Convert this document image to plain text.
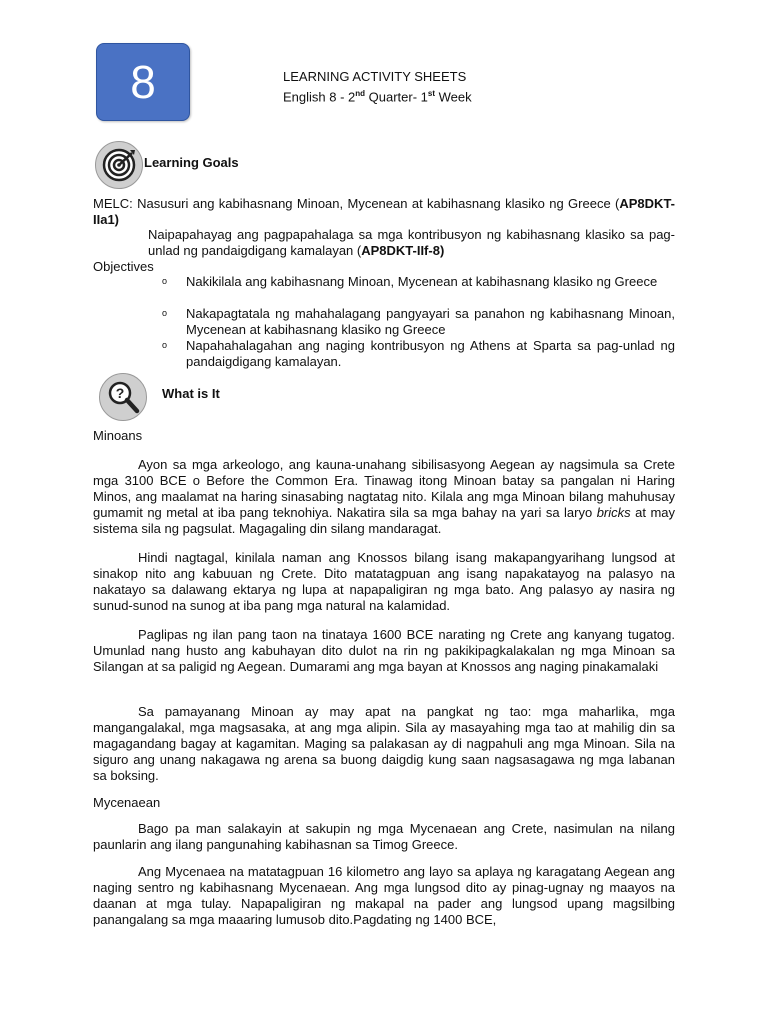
8	LEARNING ACTIVITY SHEETS
English 8 - 2nd Quarter- 1st Week
Learning Goals
MELC: Nasusuri ang kabihasnang Minoan, Mycenean at kabihasnang klasiko ng Greece (AP8DKT-IIa1)
Naipapahayag ang pagpapahalaga sa mga kontribusyon ng kabihasnang klasiko sa pag-unlad ng pandaigdigang kamalayan (AP8DKT-IIf-8)
Objectives
o Nakikilala ang kabihasnang Minoan, Mycenean at kabihasnang klasiko ng Greece
o Nakapagtatala ng mahahalagang pangyayari sa panahon ng kabihasnang Minoan, Mycenean at kabihasnang klasiko ng Greece
o Napahahalagahan ang naging kontribusyon ng Athens at Sparta sa pag-unlad ng pandaigdigang kamalayan.
?	What is It
Minoans
Ayon sa mga arkeologo, ang kauna-unahang sibilisasyong Aegean ay nagsimula sa Crete mga 3100 BCE o Before the Common Era. Tinawag itong Minoan batay sa pangalan ni Haring Minos, ang maalamat na haring sinasabing nagtatag nito. Kilala ang mga Minoan bilang mahuhusay gumamit ng metal at iba pang teknohiya. Nakatira sila sa mga bahay na yari sa laryo bricks at may sistema sila ng pagsulat. Magagaling din silang mandaragat.
Hindi nagtagal, kinilala naman ang Knossos bilang isang makapangyarihang lungsod at sinakop nito ang kabuuan ng Crete. Dito matatagpuan ang isang napakatayog na palasyo na nakatayo sa dalawang ektarya ng lupa at napapaligiran ng mga bato. Ang palasyo ay nasira ng sunud-sunod na sunog at iba pang mga natural na kalamidad.
Paglipas ng ilan pang taon na tinataya 1600 BCE narating ng Crete ang kanyang tugatog. Umunlad nang husto ang kabuhayan dito dulot na rin ng pakikipagkalakalan ng mga Minoan sa Silangan at sa paligid ng Aegean. Dumarami ang mga bayan at Knossos ang naging pinakamalaki
Sa pamayanang Minoan ay may apat na pangkat ng tao: mga maharlika, mga mangangalakal, mga magsasaka, at ang mga alipin. Sila ay masayahing mga tao at mahilig din sa magagandang bagay at kagamitan. Maging sa palakasan ay di nagpahuli ang mga Minoan. Sila na siguro ang unang nakagawa ng arena sa buong daigdig kung saan nagsasagawa ng mga labanan sa boksing.
Mycenaean
Bago pa man salakayin at sakupin ng mga Mycenaean ang Crete, nasimulan na nilang paunlarin ang ilang pangunahing kabihasnan sa Timog Greece.
Ang Mycenaea na matatagpuan 16 kilometro ang layo sa aplaya ng karagatang Aegean ang naging sentro ng kabihasnang Mycenaean. Ang mga lungsod dito ay pinag-ugnay ng maayos na daanan at mga tulay. Napapaligiran ng makapal na pader ang lungsod upang magsilbing panangalang sa mga maaaring lumusob dito.Pagdating ng 1400 BCE,
